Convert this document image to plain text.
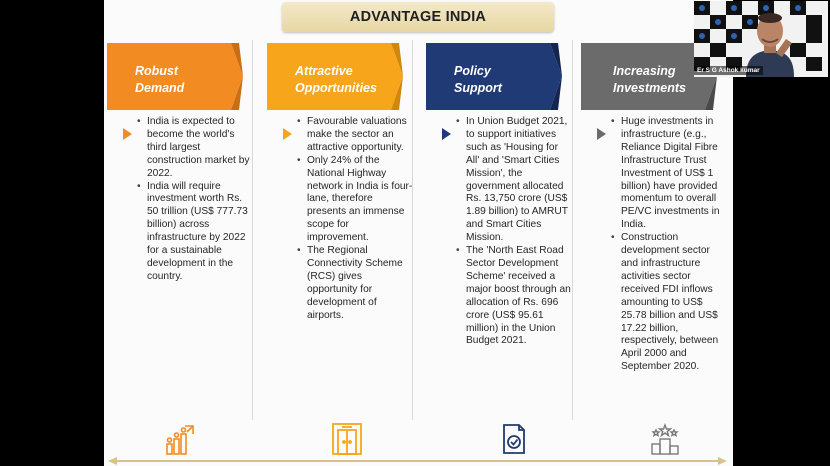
ADVANTAGE INDIA
Robust
Demand
• India is expected to become the world's third largest construction market by 2022.
• India will require investment worth Rs. 50 trillion (US$ 777.73 billion) across infrastructure by 2022 for a sustainable development in the country.
Attractive
Opportunities
• Favourable valuations make the sector an attractive opportunity.
• Only 24% of the National Highway network in India is four-lane, therefore presents an immense scope for improvement.
• The Regional Connectivity Scheme (RCS) gives opportunity for development of airports.
Policy
Support
• In Union Budget 2021, to support initiatives such as 'Housing for All' and 'Smart Cities Mission', the government allocated Rs. 13,750 crore (US$ 1.89 billion) to AMRUT and Smart Cities Mission.
• The 'North East Road Sector Development Scheme' received a major boost through an allocation of Rs. 696 crore (US$ 95.61 million) in the Union Budget 2021.
Increasing
Investments
• Huge investments in infrastructure (e.g., Reliance Digital Fibre Infrastructure Trust Investment of US$ 1 billion) have provided momentum to overall PE/VC investments in India.
• Construction development sector and infrastructure activities sector received FDI inflows amounting to US$ 25.78 billion and US$ 17.22 billion, respectively, between April 2000 and September 2020.
Er S G Ashok kumar
